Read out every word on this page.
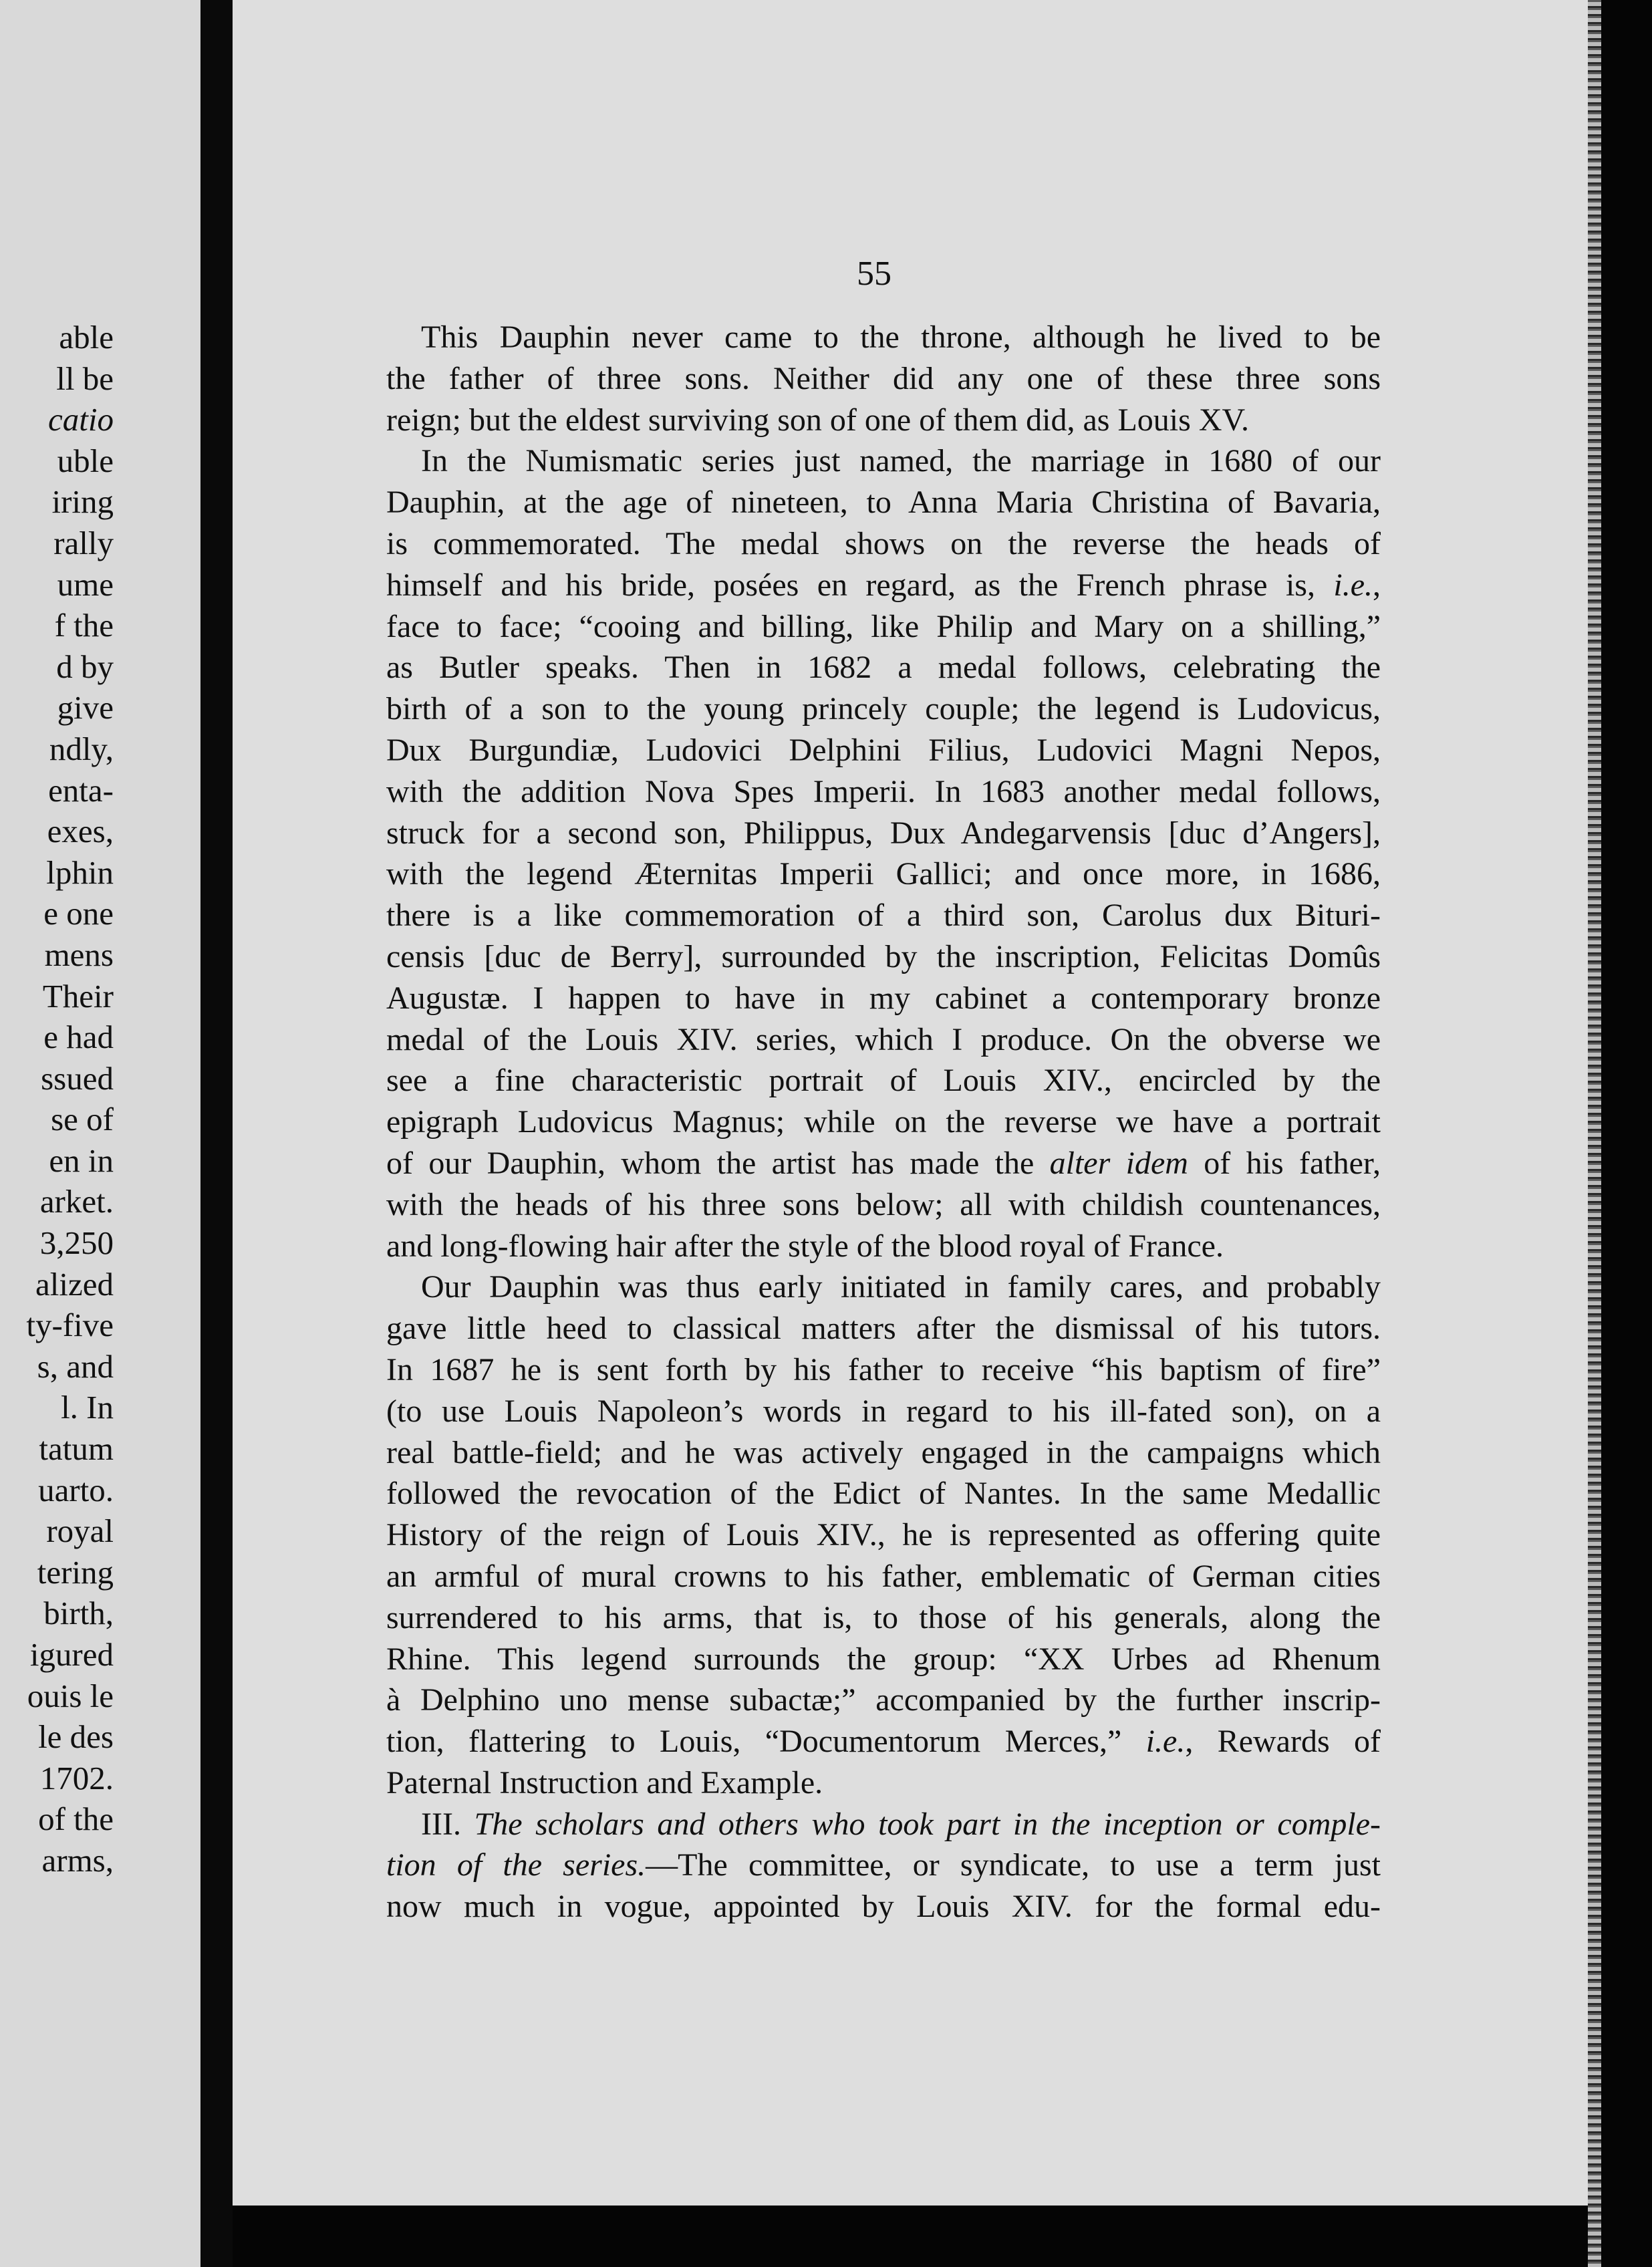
able
ll be
catio
uble
iring
rally
ume
f the
d by
give
ndly,
enta-
exes,
lphin
e one
mens
Their
e had
ssued
se of
en in
arket.
3,250
alized
ty-five
s, and
l. In
tatum
uarto.
royal
tering
birth,
igured
ouis le
le des
1702.
of the
arms,
55
This Dauphin never came to the throne, although he lived to be
the father of three sons. Neither did any one of these three sons
reign; but the eldest surviving son of one of them did, as Louis XV.
In the Numismatic series just named, the marriage in 1680 of our
Dauphin, at the age of nineteen, to Anna Maria Christina of Bavaria,
is commemorated. The medal shows on the reverse the heads of
himself and his bride, posées en regard, as the French phrase is, i.e.,
face to face; “cooing and billing, like Philip and Mary on a shilling,”
as Butler speaks. Then in 1682 a medal follows, celebrating the
birth of a son to the young princely couple; the legend is Ludovicus,
Dux Burgundiæ, Ludovici Delphini Filius, Ludovici Magni Nepos,
with the addition Nova Spes Imperii. In 1683 another medal follows,
struck for a second son, Philippus, Dux Andegarvensis [duc d’Angers],
with the legend Æternitas Imperii Gallici; and once more, in 1686,
there is a like commemoration of a third son, Carolus dux Bituri-
censis [duc de Berry], surrounded by the inscription, Felicitas Domûs
Augustæ. I happen to have in my cabinet a contemporary bronze
medal of the Louis XIV. series, which I produce. On the obverse we
see a fine characteristic portrait of Louis XIV., encircled by the
epigraph Ludovicus Magnus; while on the reverse we have a portrait
of our Dauphin, whom the artist has made the alter idem of his father,
with the heads of his three sons below; all with childish countenances,
and long-flowing hair after the style of the blood royal of France.
Our Dauphin was thus early initiated in family cares, and probably
gave little heed to classical matters after the dismissal of his tutors.
In 1687 he is sent forth by his father to receive “his baptism of fire”
(to use Louis Napoleon’s words in regard to his ill-fated son), on a
real battle-field; and he was actively engaged in the campaigns which
followed the revocation of the Edict of Nantes. In the same Medallic
History of the reign of Louis XIV., he is represented as offering quite
an armful of mural crowns to his father, emblematic of German cities
surrendered to his arms, that is, to those of his generals, along the
Rhine. This legend surrounds the group: “XX Urbes ad Rhenum
à Delphino uno mense subactæ;” accompanied by the further inscrip-
tion, flattering to Louis, “Documentorum Merces,” i.e., Rewards of
Paternal Instruction and Example.
III. The scholars and others who took part in the inception or comple-
tion of the series.—The committee, or syndicate, to use a term just
now much in vogue, appointed by Louis XIV. for the formal edu-
